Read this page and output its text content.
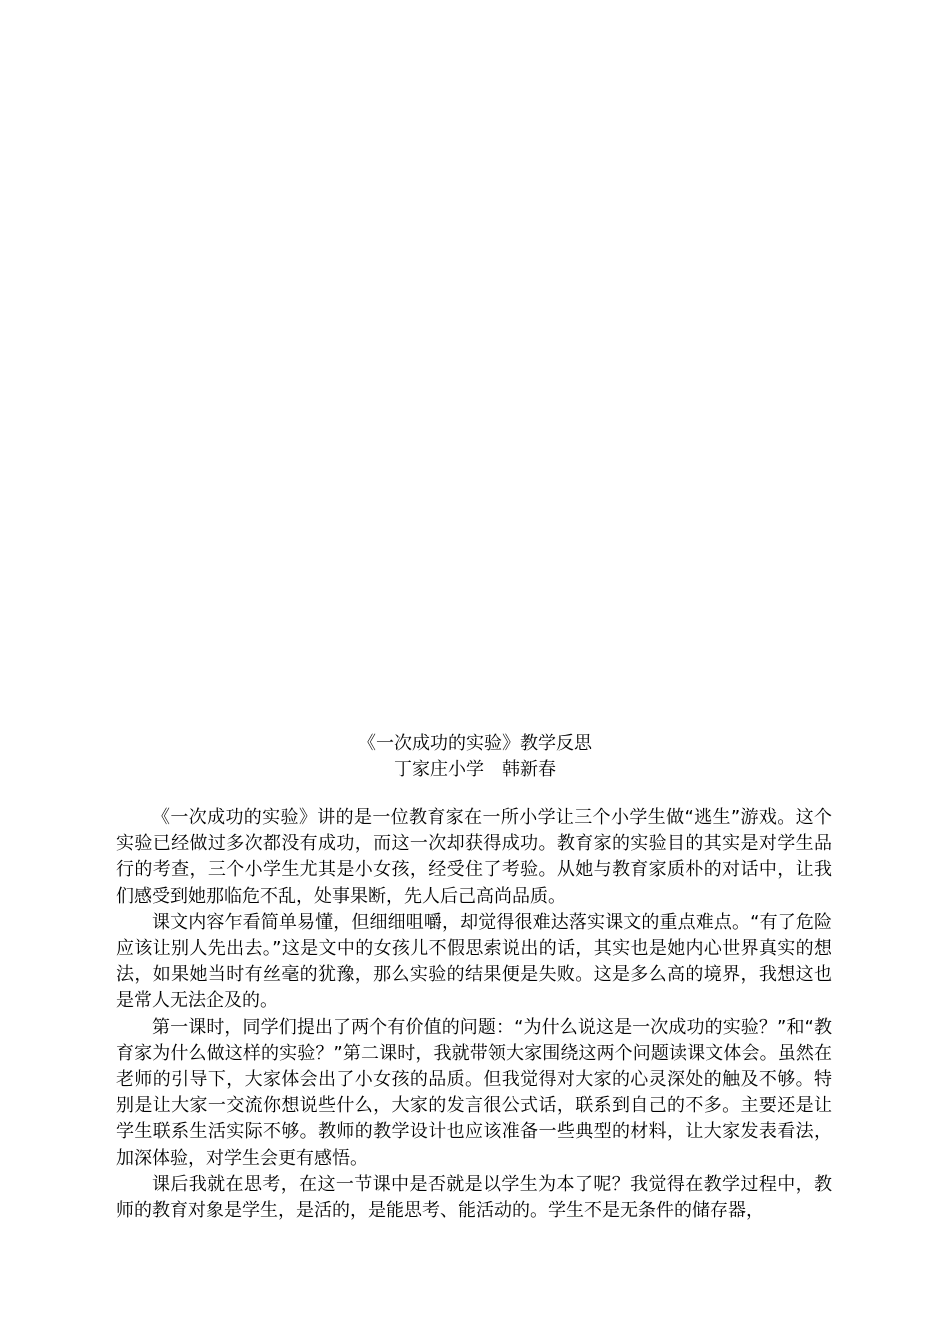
《一次成功的实验》教学反思

丁家庄小学　韩新春

《一次成功的实验》讲的是一位教育家在一所小学让三个小学生做“逃生”游戏。这个实验已经做过多次都没有成功，而这一次却获得成功。教育家的实验目的其实是对学生品行的考查，三个小学生尤其是小女孩，经受住了考验。从她与教育家质朴的对话中，让我们感受到她那临危不乱，处事果断，先人后己高尚品质。

课文内容乍看简单易懂，但细细咀嚼，却觉得很难达落实课文的重点难点。“有了危险应该让别人先出去。”这是文中的女孩儿不假思索说出的话，其实也是她内心世界真实的想法，如果她当时有丝毫的犹豫，那么实验的结果便是失败。这是多么高的境界，我想这也是常人无法企及的。

第一课时，同学们提出了两个有价值的问题：“为什么说这是一次成功的实验？”和“教育家为什么做这样的实验？”第二课时，我就带领大家围绕这两个问题读课文体会。虽然在老师的引导下，大家体会出了小女孩的品质。但我觉得对大家的心灵深处的触及不够。特别是让大家一交流你想说些什么，大家的发言很公式话，联系到自己的不多。主要还是让学生联系生活实际不够。教师的教学设计也应该准备一些典型的材料，让大家发表看法，加深体验，对学生会更有感悟。

课后我就在思考，在这一节课中是否就是以学生为本了呢？我觉得在教学过程中，教师的教育对象是学生，是活的，是能思考、能活动的。学生不是无条件的储存器，
